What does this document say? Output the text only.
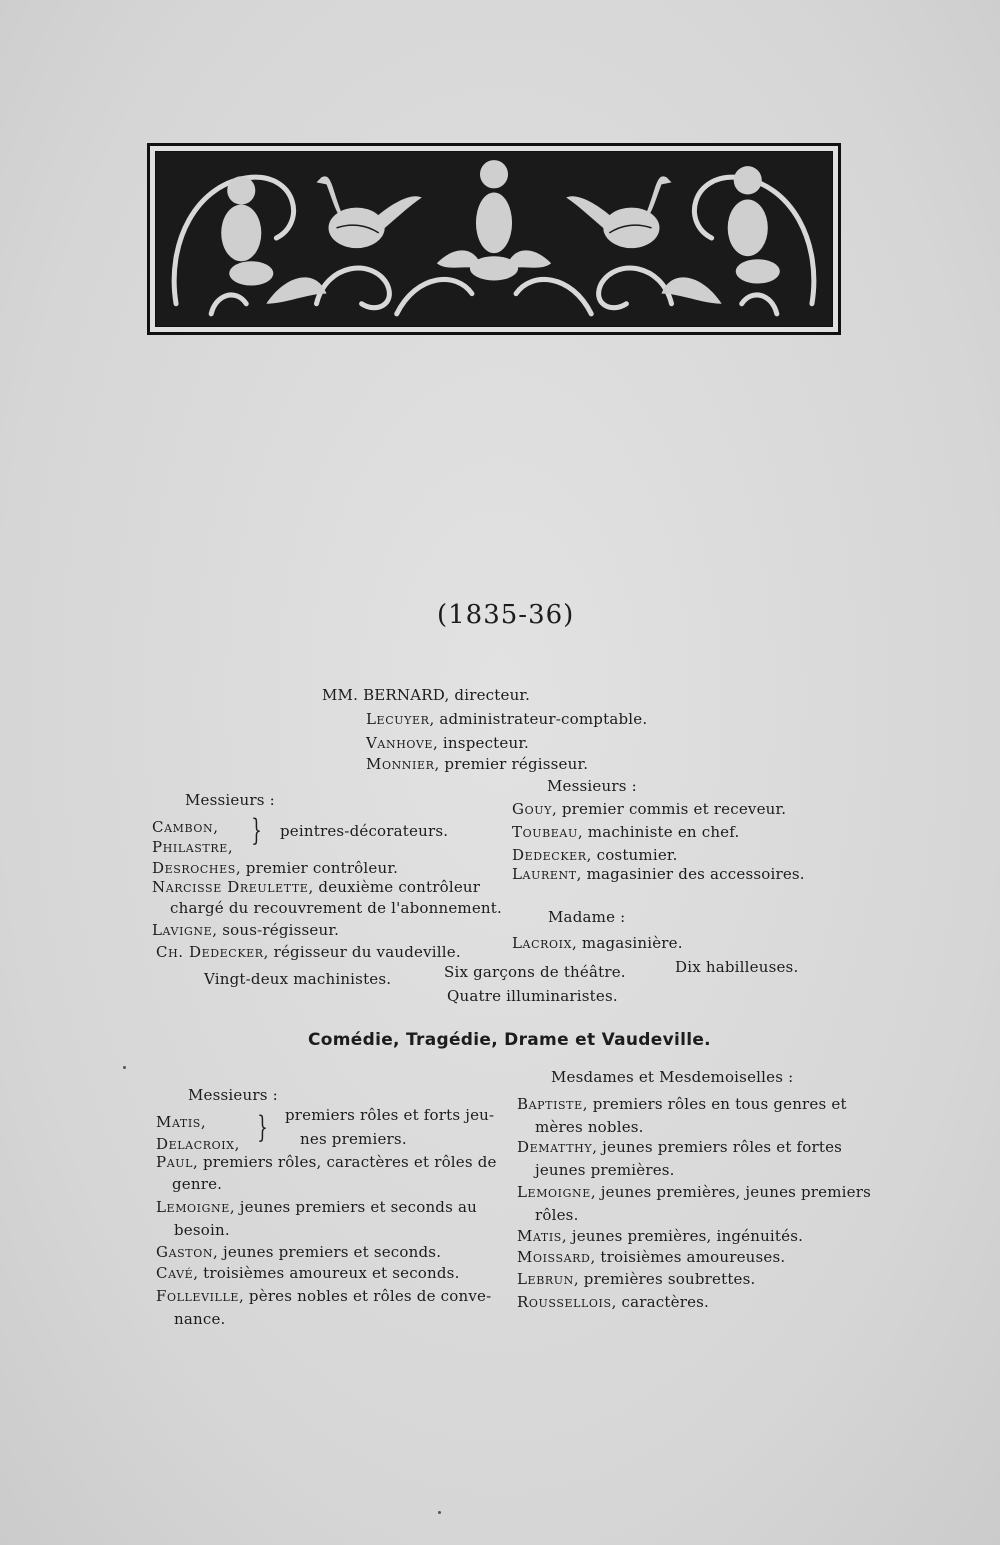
(1835-36)
MM. BERNARD, directeur.
Lecuyer, administrateur-comptable.
Vanhove, inspecteur.
Monnier, premier régisseur.
Messieurs :
Cambon,
Philastre, } peintres-décorateurs.
Desroches, premier contrôleur.
Narcisse Dreulette, deuxième contrôleur
chargé du recouvrement de l'abonnement.
Lavigne, sous-régisseur.
Ch. Dedecker, régisseur du vaudeville.
Messieurs :
Gouy, premier commis et receveur.
Toubeau, machiniste en chef.
Dedecker, costumier.
Laurent, magasinier des accessoires.
Madame :
Lacroix, magasinière.
Vingt-deux machinistes.	Six garçons de théâtre.	Dix habilleuses.
Quatre illuminaristes.
Comédie, Tragédie, Drame et Vaudeville.
Messieurs :
Matis,
Delacroix, } premiers rôles et forts jeu-
nes premiers.
Paul, premiers rôles, caractères et rôles de
genre.
Lemoigne, jeunes premiers et seconds au
besoin.
Gaston, jeunes premiers et seconds.
Cavé, troisièmes amoureux et seconds.
Folleville, pères nobles et rôles de conve-
nance.
Mesdames et Mesdemoiselles :
Baptiste, premiers rôles en tous genres et
mères nobles.
Dematthy, jeunes premiers rôles et fortes
jeunes premières.
Lemoigne, jeunes premières, jeunes premiers
rôles.
Matis, jeunes premières, ingénuités.
Moissard, troisièmes amoureuses.
Lebrun, premières soubrettes.
Roussellois, caractères.
